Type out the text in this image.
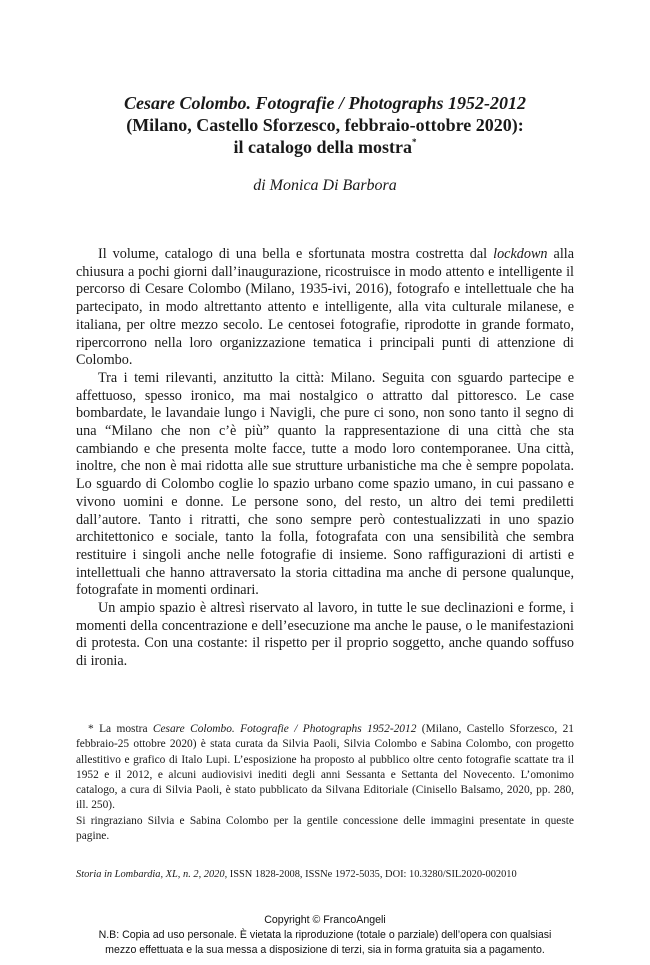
Cesare Colombo. Fotografie / Photographs 1952-2012
(Milano, Castello Sforzesco, febbraio-ottobre 2020):
il catalogo della mostra*
di Monica Di Barbora

Il volume, catalogo di una bella e sfortunata mostra costretta dal lockdown alla chiusura a pochi giorni dall’inaugurazione, ricostruisce in modo attento e intelligente il percorso di Cesare Colombo (Milano, 1935-ivi, 2016), fotografo e intellettuale che ha partecipato, in modo altrettanto attento e intelligente, alla vita culturale milanese, e italiana, per oltre mezzo secolo. Le centosei fotografie, riprodotte in grande formato, ripercorrono nella loro organizzazione tematica i principali punti di attenzione di Colombo.

Tra i temi rilevanti, anzitutto la città: Milano. Seguita con sguardo partecipe e affettuoso, spesso ironico, ma mai nostalgico o attratto dal pittoresco. Le case bombardate, le lavandaie lungo i Navigli, che pure ci sono, non sono tanto il segno di una “Milano che non c’è più” quanto la rappresentazione di una città che sta cambiando e che presenta molte facce, tutte a modo loro contemporanee. Una città, inoltre, che non è mai ridotta alle sue strutture urbanistiche ma che è sempre popolata. Lo sguardo di Colombo coglie lo spazio urbano come spazio umano, in cui passano e vivono uomini e donne. Le persone sono, del resto, un altro dei temi prediletti dall’autore. Tanto i ritratti, che sono sempre però contestualizzati in uno spazio architettonico e sociale, tanto la folla, fotografata con una sensibilità che sembra restituire i singoli anche nelle fotografie di insieme. Sono raffigurazioni di artisti e intellettuali che hanno attraversato la storia cittadina ma anche di persone qualunque, fotografate in momenti ordinari.

Un ampio spazio è altresì riservato al lavoro, in tutte le sue declinazioni e forme, i momenti della concentrazione e dell’esecuzione ma anche le pause, o le manifestazioni di protesta. Con una costante: il rispetto per il proprio soggetto, anche quando soffuso di ironia.

* La mostra Cesare Colombo. Fotografie / Photographs 1952-2012 (Milano, Castello Sforzesco, 21 febbraio-25 ottobre 2020) è stata curata da Silvia Paoli, Silvia Colombo e Sabina Colombo, con progetto allestitivo e grafico di Italo Lupi. L’esposizione ha proposto al pubblico oltre cento fotografie scattate tra il 1952 e il 2012, e alcuni audiovisivi inediti degli anni Sessanta e Settanta del Novecento. L’omonimo catalogo, a cura di Silvia Paoli, è stato pubblicato da Silvana Editoriale (Cinisello Balsamo, 2020, pp. 280, ill. 250).

Si ringraziano Silvia e Sabina Colombo per la gentile concessione delle immagini presentate in queste pagine.

Storia in Lombardia, XL, n. 2, 2020, ISSN 1828-2008, ISSNe 1972-5035, DOI: 10.3280/SIL2020-002010
Copyright © FrancoAngeli
N.B: Copia ad uso personale. È vietata la riproduzione (totale o parziale) dell’opera con qualsiasi
mezzo effettuata e la sua messa a disposizione di terzi, sia in forma gratuita sia a pagamento.
